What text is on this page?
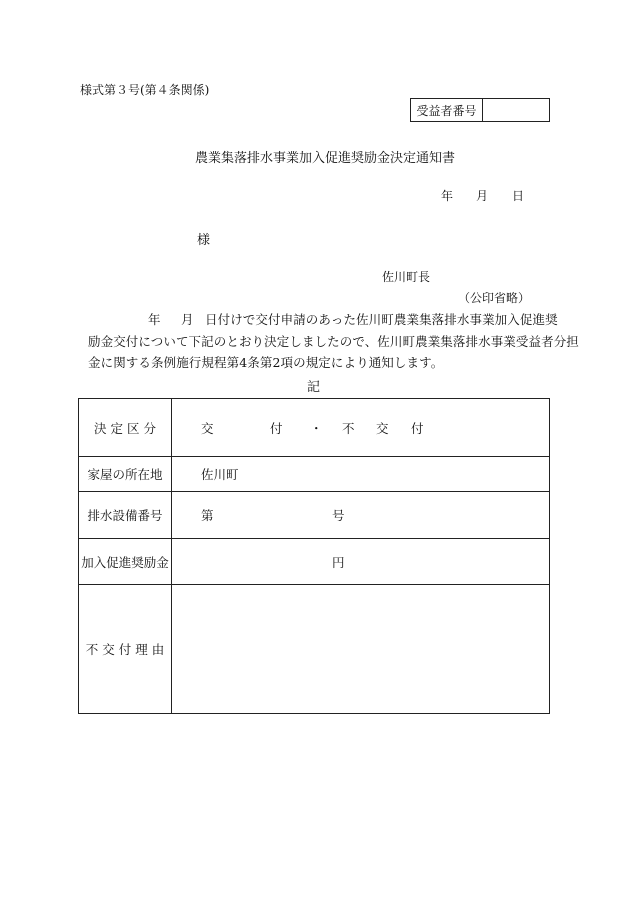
様式第３号(第４条関係)
受益者番号
農業集落排水事業加入促進奨励金決定通知書
年 月 日
様
佐川町長
（公印省略）
年 月 日付けで交付申請のあった佐川町農業集落排水事業加入促進奨
励金交付について下記のとおり決定しましたので、佐川町農業集落排水事業受益者分担
金に関する条例施行規程第4条第2項の規定により通知します。
記
決 定 区 分	交	付 ・ 不 交 付
家屋の所在地	佐川町
排水設備番号	第	号
加入促進奨励金	円
不 交 付 理 由
